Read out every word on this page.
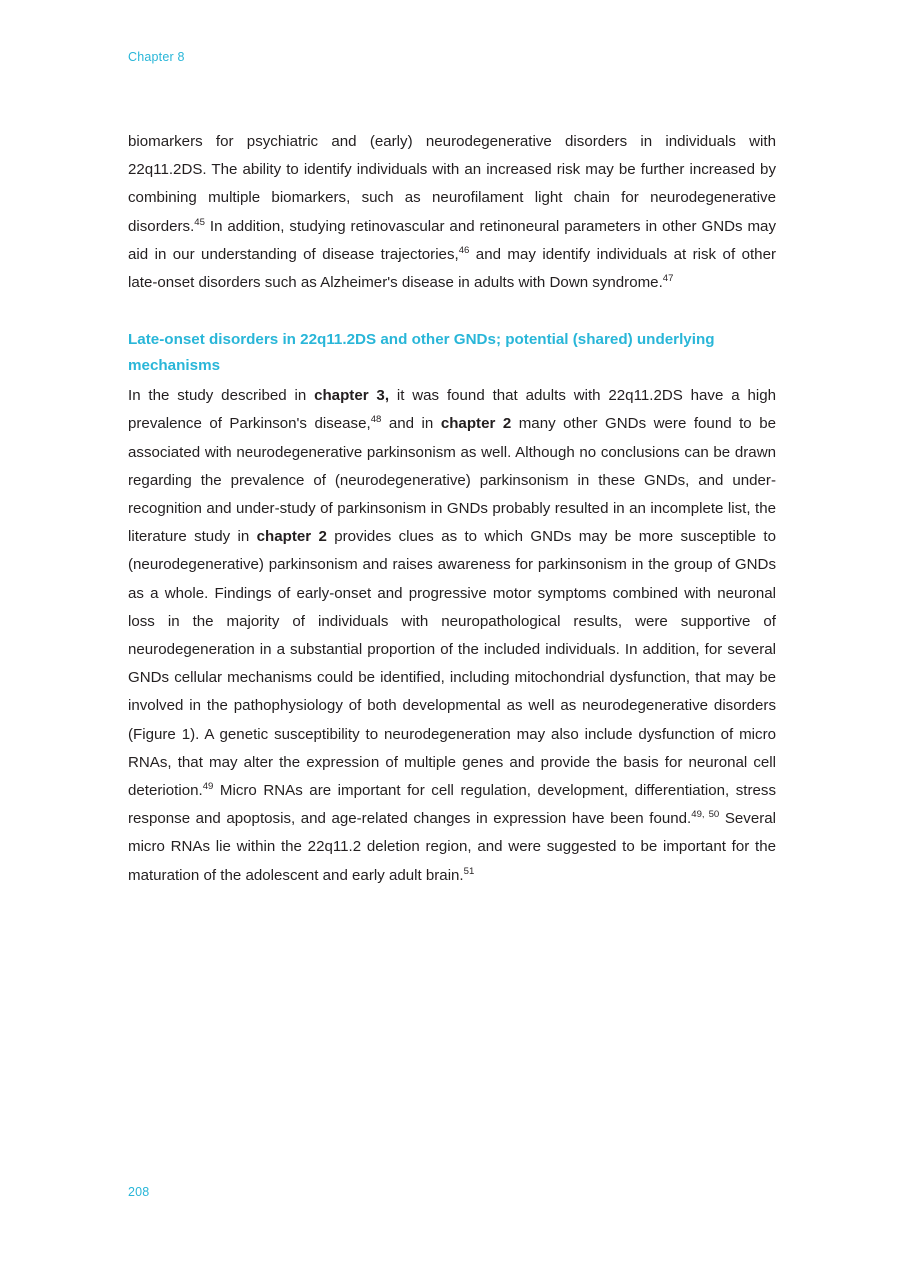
Chapter 8

biomarkers for psychiatric and (early) neurodegenerative disorders in individuals with 22q11.2DS. The ability to identify individuals with an increased risk may be further increased by combining multiple biomarkers, such as neurofilament light chain for neurodegenerative disorders.$^{45}$ In addition, studying retinovascular and retinoneural parameters in other GNDs may aid in our understanding of disease trajectories,$^{46}$ and may identify individuals at risk of other late-onset disorders such as Alzheimer's disease in adults with Down syndrome.$^{47}$

Late-onset disorders in 22q11.2DS and other GNDs; potential (shared) underlying mechanisms

In the study described in chapter 3, it was found that adults with 22q11.2DS have a high prevalence of Parkinson's disease,$^{48}$ and in chapter 2 many other GNDs were found to be associated with neurodegenerative parkinsonism as well. Although no conclusions can be drawn regarding the prevalence of (neurodegenerative) parkinsonism in these GNDs, and under-recognition and under-study of parkinsonism in GNDs probably resulted in an incomplete list, the literature study in chapter 2 provides clues as to which GNDs may be more susceptible to (neurodegenerative) parkinsonism and raises awareness for parkinsonism in the group of GNDs as a whole. Findings of early-onset and progressive motor symptoms combined with neuronal loss in the majority of individuals with neuropathological results, were supportive of neurodegeneration in a substantial proportion of the included individuals. In addition, for several GNDs cellular mechanisms could be identified, including mitochondrial dysfunction, that may be involved in the pathophysiology of both developmental as well as neurodegenerative disorders (Figure 1). A genetic susceptibility to neurodegeneration may also include dysfunction of micro RNAs, that may alter the expression of multiple genes and provide the basis for neuronal cell deteriotion.$^{49}$ Micro RNAs are important for cell regulation, development, differentiation, stress response and apoptosis, and age-related changes in expression have been found.$^{49, 50}$ Several micro RNAs lie within the 22q11.2 deletion region, and were suggested to be important for the maturation of the adolescent and early adult brain.$^{51}$

208
